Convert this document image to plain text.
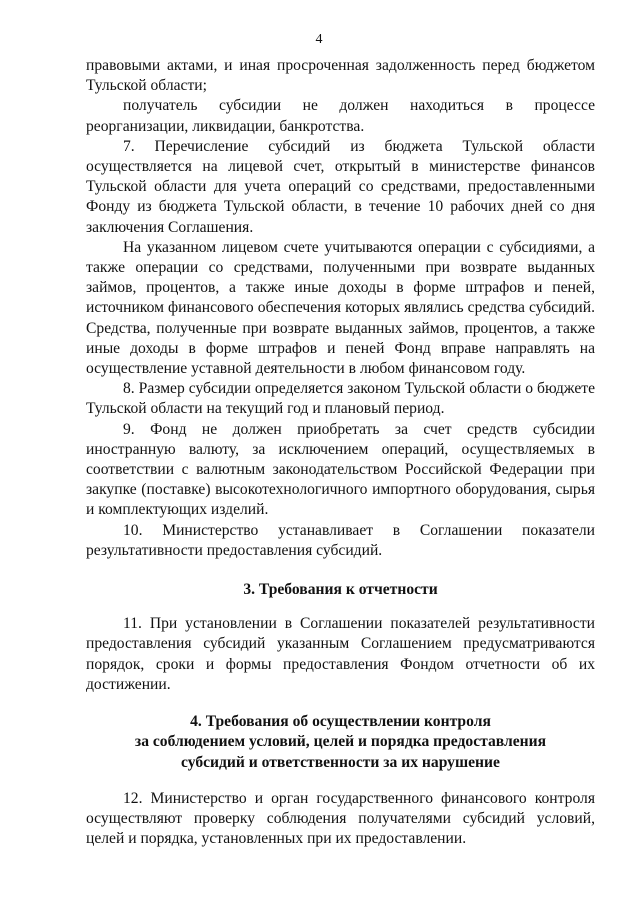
4

правовыми актами, и иная просроченная задолженность перед бюджетом Тульской области;

получатель субсидии не должен находиться в процессе реорганизации, ликвидации, банкротства.

7. Перечисление субсидий из бюджета Тульской области осуществляется на лицевой счет, открытый в министерстве финансов Тульской области для учета операций со средствами, предоставленными Фонду из бюджета Тульской области, в течение 10 рабочих дней со дня заключения Соглашения.

На указанном лицевом счете учитываются операции с субсидиями, а также операции со средствами, полученными при возврате выданных займов, процентов, а также иные доходы в форме штрафов и пеней, источником финансового обеспечения которых являлись средства субсидий. Средства, полученные при возврате выданных займов, процентов, а также иные доходы в форме штрафов и пеней Фонд вправе направлять на осуществление уставной деятельности в любом финансовом году.

8. Размер субсидии определяется законом Тульской области о бюджете Тульской области на текущий год и плановый период.

9. Фонд не должен приобретать за счет средств субсидии иностранную валюту, за исключением операций, осуществляемых в соответствии с валютным законодательством Российской Федерации при закупке (поставке) высокотехнологичного импортного оборудования, сырья и комплектующих изделий.

10. Министерство устанавливает в Соглашении показатели результативности предоставления субсидий.

3. Требования к отчетности

11. При установлении в Соглашении показателей результативности предоставления субсидий указанным Соглашением предусматриваются порядок, сроки и формы предоставления Фондом отчетности об их достижении.

4. Требования об осуществлении контроля
за соблюдением условий, целей и порядка предоставления
субсидий и ответственности за их нарушение

12. Министерство и орган государственного финансового контроля осуществляют проверку соблюдения получателями субсидий условий, целей и порядка, установленных при их предоставлении.
